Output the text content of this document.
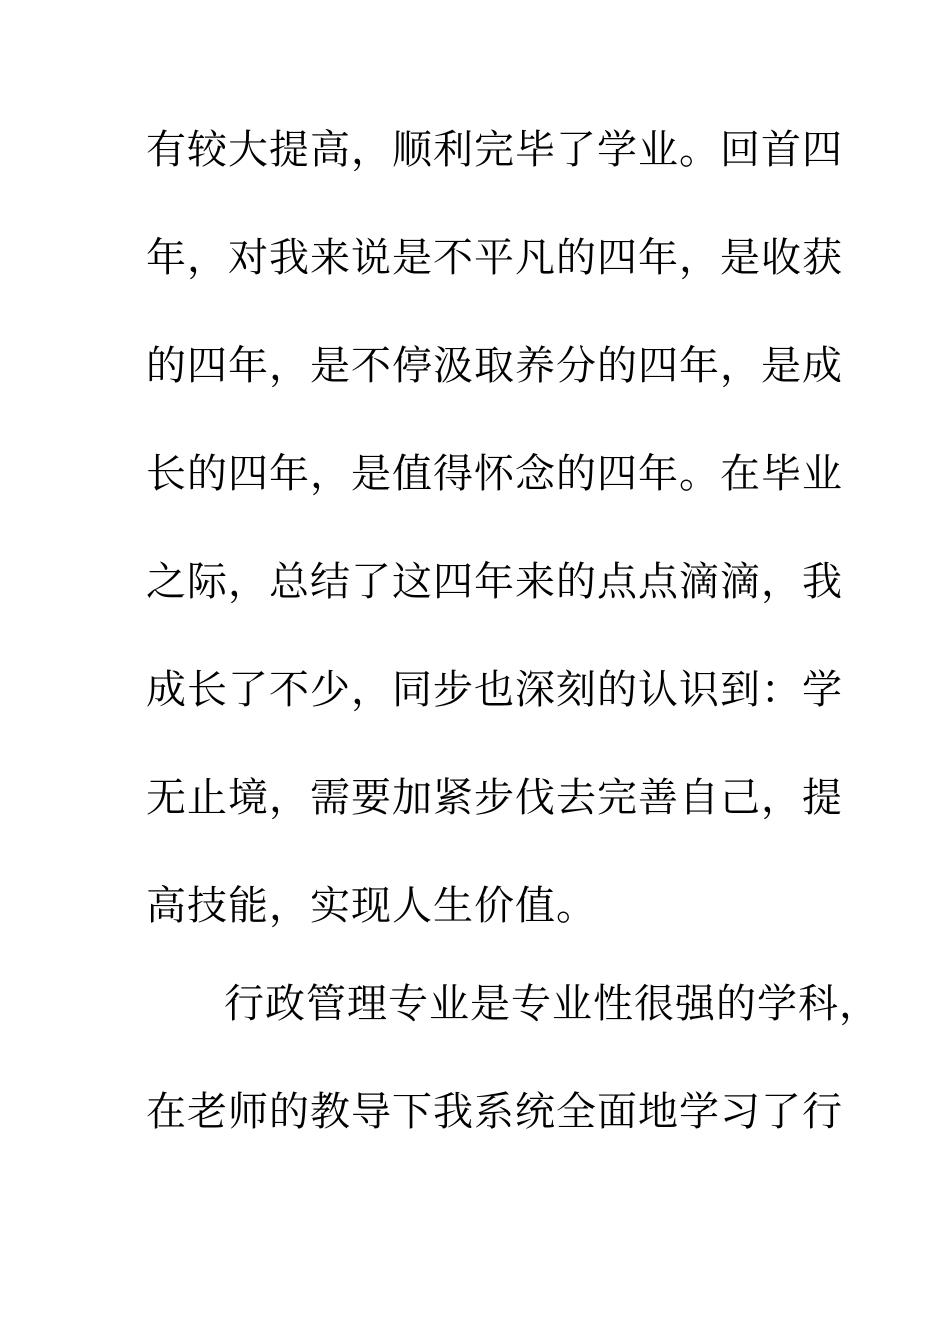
有较大提高，顺利完毕了学业。回首四
年，对我来说是不平凡的四年，是收获
的四年，是不停汲取养分的四年，是成
长的四年，是值得怀念的四年。在毕业
之际，总结了这四年来的点点滴滴，我
成长了不少，同步也深刻的认识到：学
无止境，需要加紧步伐去完善自己，提
高技能，实现人生价值。
行政管理专业是专业性很强的学科，
在老师的教导下我系统全面地学习了行
